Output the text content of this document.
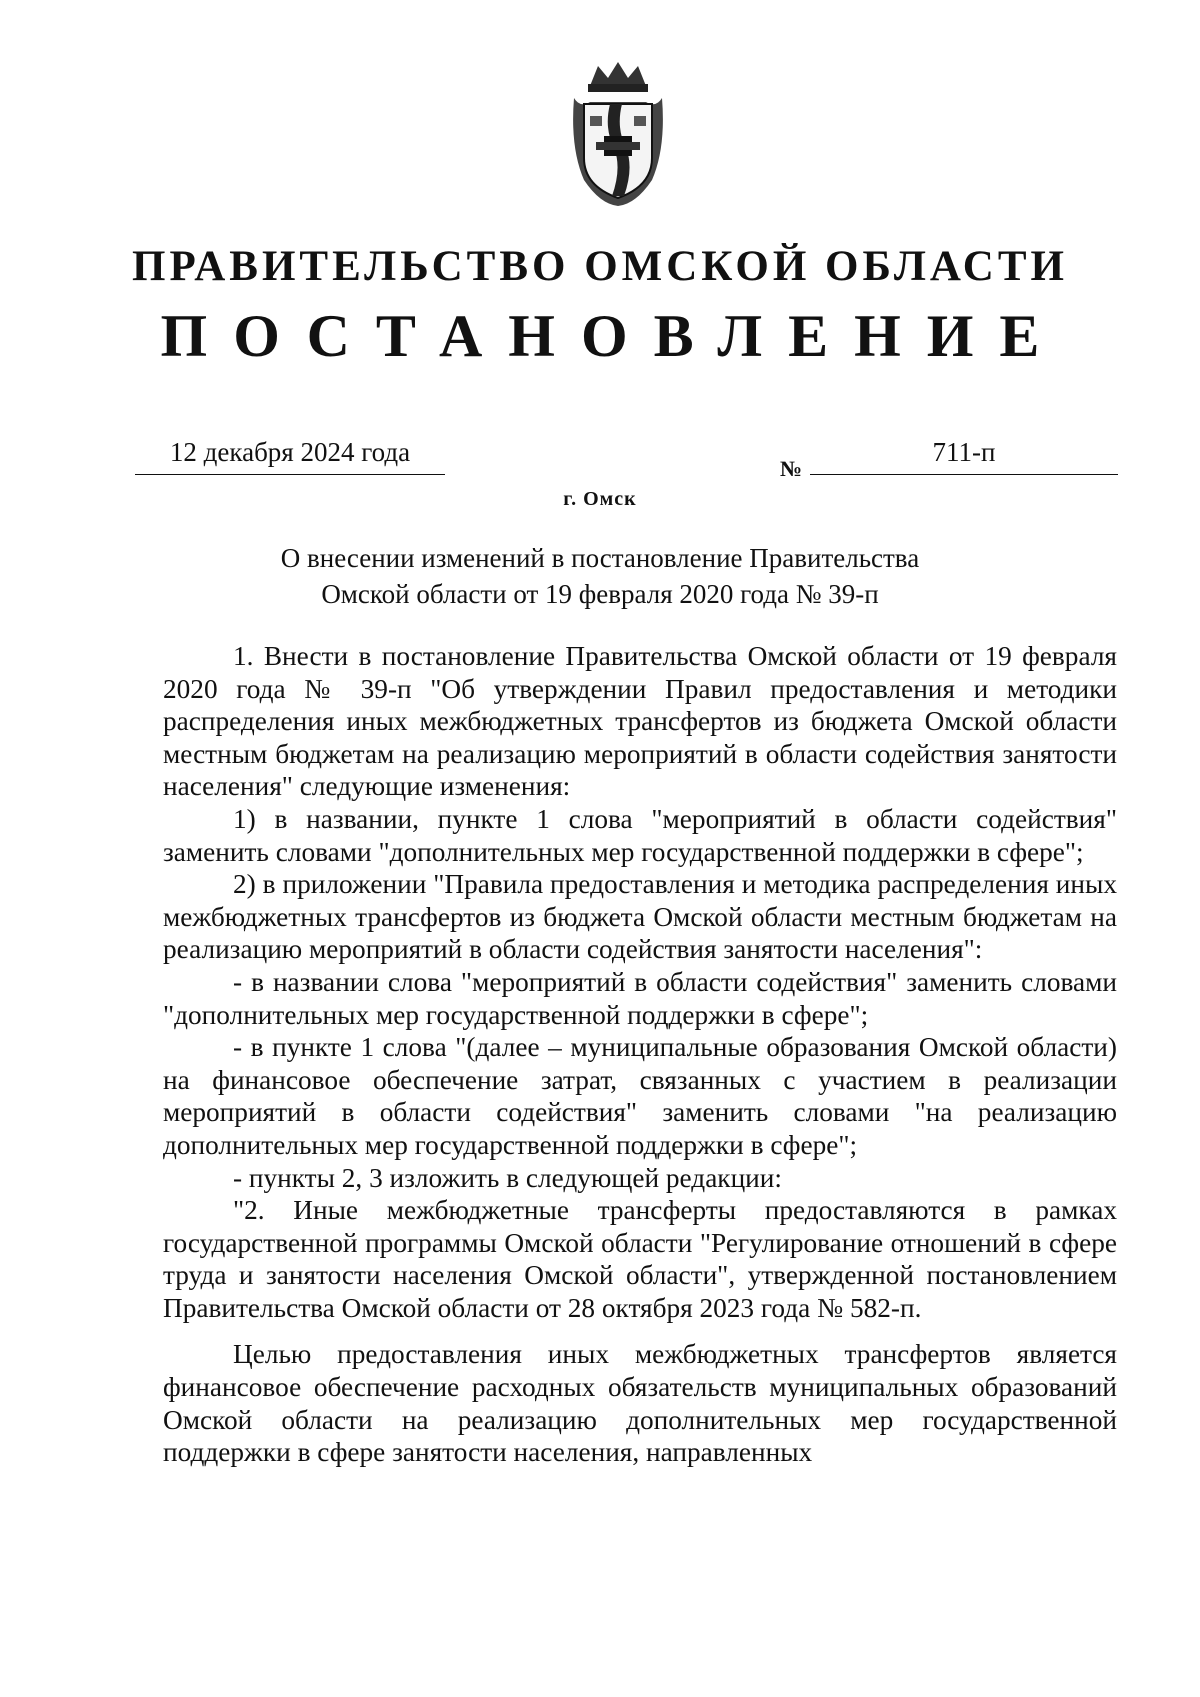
ПРАВИТЕЛЬСТВО ОМСКОЙ ОБЛАСТИ
ПОСТАНОВЛЕНИЕ
12 декабря 2024 года
№
711-п
г. Омск
О внесении изменений в постановление Правительства
Омской области от 19 февраля 2020 года № 39-п

1. Внести в постановление Правительства Омской области от 19 февраля 2020 года № 39-п "Об утверждении Правил предоставления и методики распределения иных межбюджетных трансфертов из бюджета Омской области местным бюджетам на реализацию мероприятий в области содействия занятости населения" следующие изменения:

1) в названии, пункте 1 слова "мероприятий в области содействия" заменить словами "дополнительных мер государственной поддержки в сфере";

2) в приложении "Правила предоставления и методика распределения иных межбюджетных трансфертов из бюджета Омской области местным бюджетам на реализацию мероприятий в области содействия занятости населения":

- в названии слова "мероприятий в области содействия" заменить словами "дополнительных мер государственной поддержки в сфере";

- в пункте 1 слова "(далее – муниципальные образования Омской области) на финансовое обеспечение затрат, связанных с участием в реализации мероприятий в области содействия" заменить словами "на реализацию дополнительных мер государственной поддержки в сфере";

- пункты 2, 3 изложить в следующей редакции:

"2. Иные межбюджетные трансферты предоставляются в рамках государственной программы Омской области "Регулирование отношений в сфере труда и занятости населения Омской области", утвержденной постановлением Правительства Омской области от 28 октября 2023 года № 582-п.

Целью предоставления иных межбюджетных трансфертов является финансовое обеспечение расходных обязательств муниципальных образований Омской области на реализацию дополнительных мер государственной поддержки в сфере занятости населения, направленных
